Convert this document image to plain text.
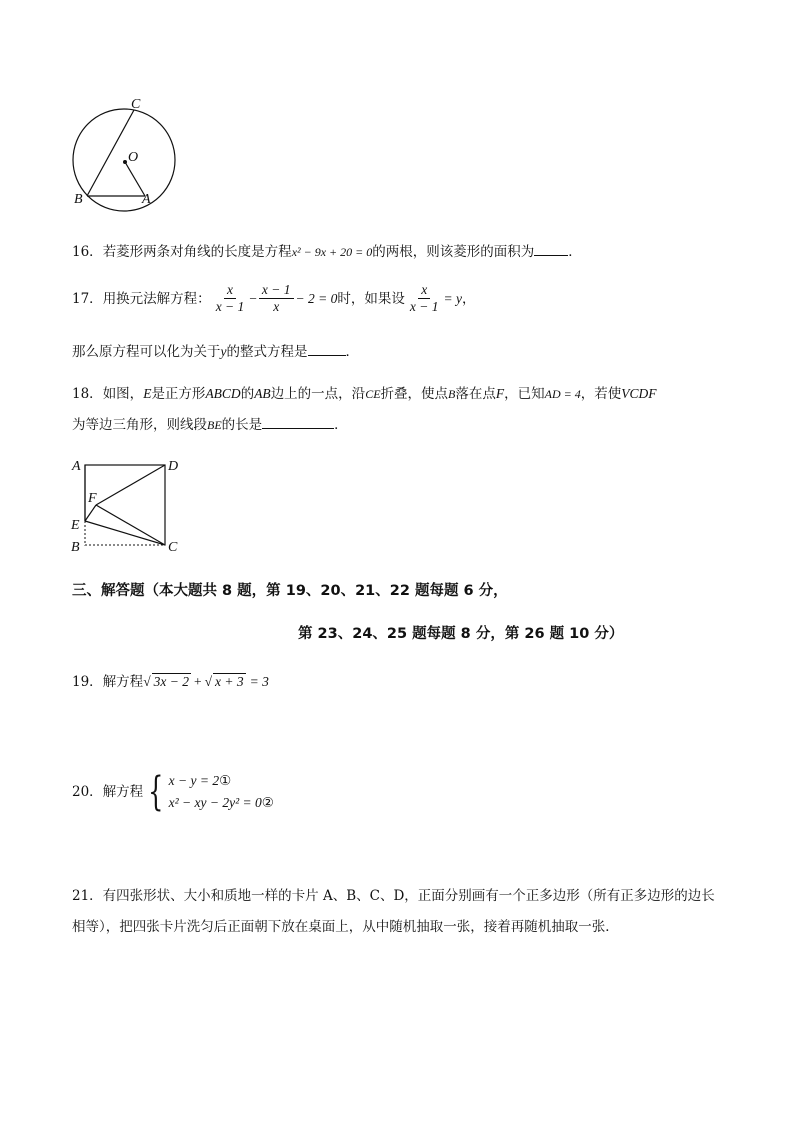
C
O
B	A
16．若菱形两条对角线的长度是方程x² − 9x + 20 = 0的两根，则该菱形的面积为	．
17． 用换元法解方程： $\frac{x}{x - 1} - \frac{x - 1}{x} - 2 = 0$ 时，如果设 $\frac{x}{x - 1} = y$ ，
那么原方程可以化为关于y的整式方程是	．
18．如图，E是正方形ABCD的AB边上的一点，沿CE折叠，使点B落在点F，已知AD = 4，若使VCDF
为等边三角形，则线段BE的长是	．
A	D
F
E
B	C
三、解答题（本大题共 8 题，第 19、20、21、22 题每题 6 分，
第 23、24、25 题每题 8 分，第 26 题 10 分）
19．解方程√ 3x − 2 + √ x + 3 = 3
20． 解方程 { x − y = 2①
x² − xy − 2y² = 0②
21．有四张形状、大小和质地一样的卡片 A、B、C、D，正面分别画有一个正多边形（所有正多边形的边长
相等），把四张卡片洗匀后正面朝下放在桌面上，从中随机抽取一张，接着再随机抽取一张．
